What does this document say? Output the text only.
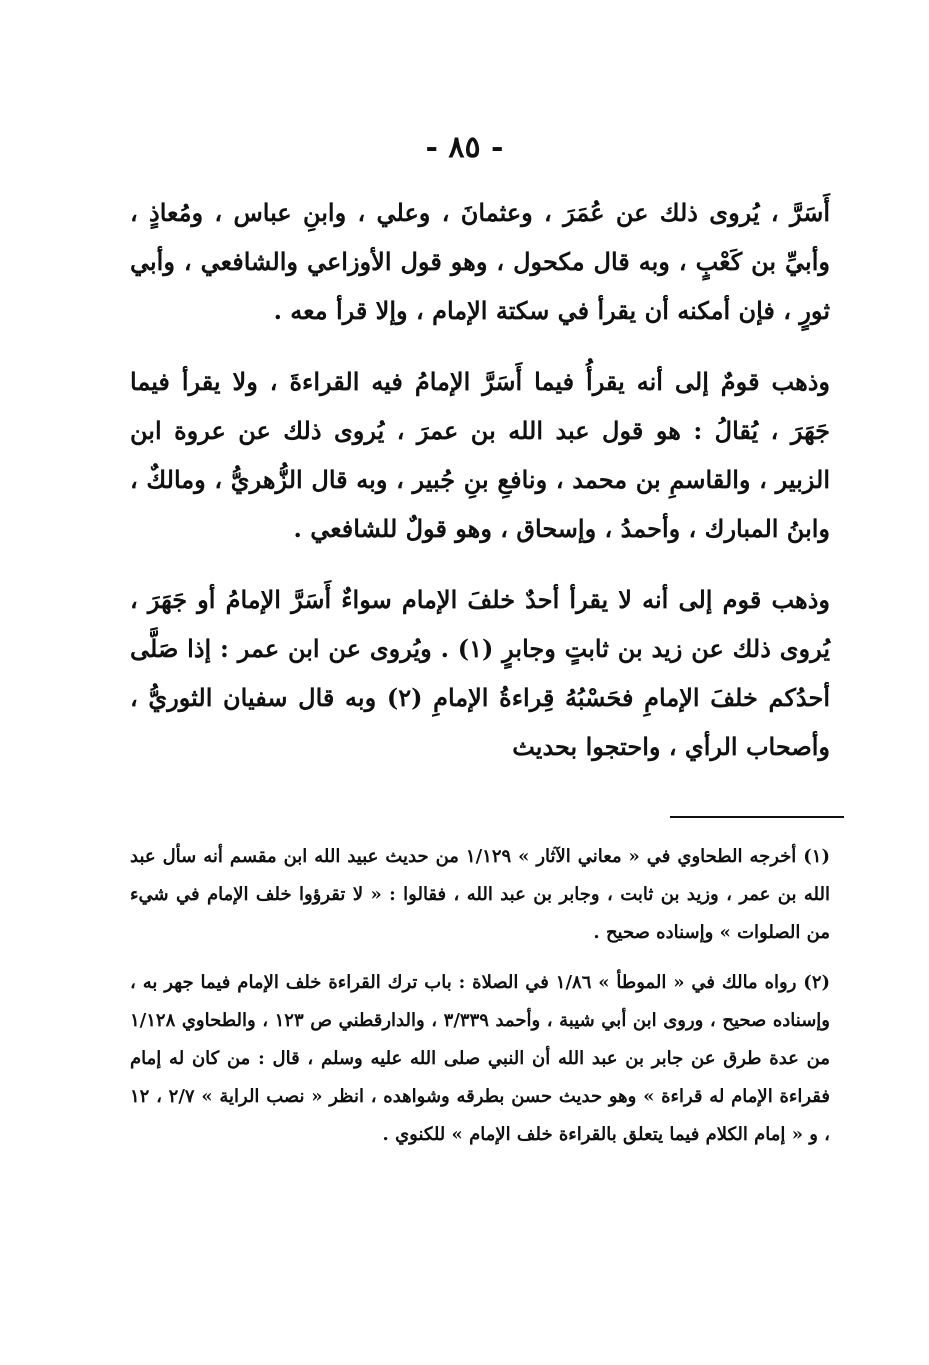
- ٨٥ -

أَسَرَّ ، يُروى ذلك عن عُمَرَ ، وعثمانَ ، وعلي ، وابنِ عباس ، ومُعاذٍ ، وأبيِّ بن كَعْبٍ ، وبه قال مكحول ، وهو قول الأوزاعي والشافعي ، وأبي ثورٍ ، فإن أمكنه أن يقرأ في سكتة الإمام ، وإلا قرأ معه .

وذهب قومٌ إلى أنه يقرأُ فيما أَسَرَّ الإمامُ فيه القراءةَ ، ولا يقرأ فيما جَهَرَ ، يُقالُ : هو قول عبد الله بن عمرَ ، يُروى ذلك عن عروة ابن الزبير ، والقاسمِ بن محمد ، ونافعِ بنِ جُبير ، وبه قال الزُّهريُّ ، ومالكٌ ، وابنُ المبارك ، وأحمدُ ، وإسحاق ، وهو قولٌ للشافعي .

وذهب قوم إلى أنه لا يقرأ أحدٌ خلفَ الإمام سواءٌ أَسَرَّ الإمامُ أو جَهَرَ ، يُروى ذلك عن زيد بن ثابتٍ وجابرٍ (١) . ويُروى عن ابن عمر : إذا صَلَّى أحدُكم خلفَ الإمامِ فحَسْبُهُ قِراءةُ الإمامِ (٢) وبه قال سفيان الثوريُّ ، وأصحاب الرأي ، واحتجوا بحديث

(١) أخرجه الطحاوي في « معاني الآثار » ١/١٢٩ من حديث عبيد الله ابن مقسم أنه سأل عبد الله بن عمر ، وزيد بن ثابت ، وجابر بن عبد الله ، فقالوا : « لا تقرؤوا خلف الإمام في شيء من الصلوات » وإسناده صحيح .

(٢) رواه مالك في « الموطأ » ١/٨٦ في الصلاة : باب ترك القراءة خلف الإمام فيما جهر به ، وإسناده صحيح ، وروى ابن أبي شيبة ، وأحمد ٣/٣٣٩ ، والدارقطني ص ١٢٣ ، والطحاوي ١/١٢٨ من عدة طرق عن جابر بن عبد الله أن النبي صلى الله عليه وسلم ، قال : من كان له إمام فقراءة الإمام له قراءة » وهو حديث حسن بطرقه وشواهده ، انظر « نصب الراية » ٢/٧ ، ١٢ ، و « إمام الكلام فيما يتعلق بالقراءة خلف الإمام » للكنوي .
